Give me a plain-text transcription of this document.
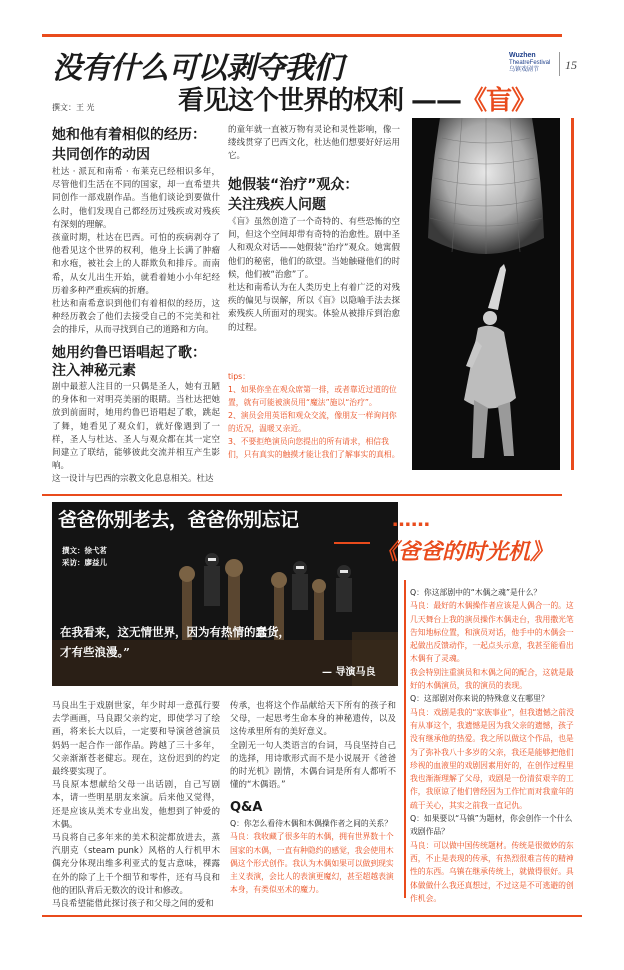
Wuzhen
TheatreFestival
乌镇戏剧节 15
没有什么可以剥夺我们
看见这个世界的权利 ——《盲》
撰文：王 光
她和他有着相似的经历：
共同创作的动因
杜达 · 派瓦和南希 · 布莱克已经相识多年，尽管他们生活在不同的国家，却一直希望共同创作一部戏剧作品。当他们谈论到要做什么时，他们发现自己都经历过残疾或对残疾有深刻的理解。
孩童时期，杜达在巴西。可怕的疾病剥夺了他看见这个世界的权利，他身上长满了肿瘤和水疱，被社会上的人群欺负和排斥。而南希，从女儿出生开始，就看着她小小年纪经历着多种严重疾病的折磨。
杜达和南希意识到他们有着相似的经历，这种经历教会了他们去接受自己的不完美和社会的排斥，从而寻找到自己的道路和方向。
她用约鲁巴语唱起了歌：
注入神秘元素
剧中最惹人注目的一只偶是圣人，她有丑陋的身体和一对明亮美丽的眼睛。当杜达把她放到前面时，她用约鲁巴语唱起了歌，跳起了舞，她看见了观众们，就好像遇到了一样，圣人与杜达、圣人与观众都在其一定空间建立了联结，能够彼此交流并相互产生影响。
这一设计与巴西的宗教文化息息相关。杜达
的童年就一直被万物有灵论和灵性影响，像一缕线贯穿了巴西文化，杜达他们想要好好运用它。
她假装“治疗”观众：
关注残疾人问题
《盲》虽然创造了一个奇特的、有些恐怖的空间，但这个空间却带有奇特的治愈性。剧中圣人和观众对话——她假装“治疗”观众。她寓假他们的秘密，他们的欲望。当她触碰他们的时候，他们被“治愈”了。
杜达和南希认为在人类历史上有着广泛的对残疾的偏见与误解，所以《盲》以隐喻手法去探索残疾人所面对的现实。体验从被排斥到治愈的过程。
tips：
1、如果你坐在观众席第一排，或者靠近过道的位置，就有可能被演员用“魔法”施以“治疗”。
2、演员会用英语和观众交流，像朋友一样询问你的近况，温暖又亲近。
3、不要拒绝演员向您提出的所有请求，相信我们，只有真实的触摸才能让我们了解事实的真相。
爸爸你别老去，爸爸你别忘记	……
《爸爸的时光机》
撰文：徐弋茗
采访：廖益儿
在我看来，这无情世界，因为有热情的蠢货，
才有些浪漫。”
— 导演马良
马良出生于戏剧世家，年少时却一意孤行要去学画画，马良跟父亲约定，即使学习了绘画，将来长大以后，一定要和导演爸爸演员妈妈一起合作一部作品。跨越了三十多年，父亲渐渐苍老健忘。现在，这份迟到的约定最终要实现了。
马良原本想献给父母一出话剧，自己写剧本，请一些明星朋友来演。后来他又觉得，还是应该从美术专业出发，他想到了钟爱的木偶。
马良将自己多年来的美术积淀都放进去，蒸汽朋克（steam punk）风格的人行机甲木偶充分体现出维多利亚式的复古意味，裸露在外的除了上千个细节和零件，还有马良和他的团队背后无数次的设计和修改。
马良希望能借此探讨孩子和父母之间的爱和
传承，也将这个作品献给天下所有的孩子和父母，一起思考生命本身的神秘遗传，以及这传承里所有的美好意义。
全剧无一句人类语言的台词，马良坚持自己的选择，用诗歌形式而不是小说展开《爸爸的时光机》剧情，木偶台词是所有人都听不懂的“木偶语。”
Q&A
Q：你怎么看待木偶和木偶操作者之间的关系？
马良：我收藏了很多年的木偶，拥有世界数十个国家的木偶，一直有种隐约的感觉，我会使用木偶这个形式创作。我认为木偶如果可以做到现实主义表演，会比人的表演更魔幻，甚至超越表演本身，有类似巫术的魔力。
Q：你这部剧中的“木偶之魂”是什么？
马良：最好的木偶操作者应该是人偶合一的。这几天舞台上我的演员操作木偶走台，我用撒光笔告知地标位置，和演员对话，他手中的木偶会一起做出反馈动作，一起点头示意，我甚至能看出木偶有了灵魂。
我会特别注重演员和木偶之间的配合，这就是最好的木偶演员，我的演员的表现。
Q：这部剧对你来说的特殊意义在哪里？
马良：戏剧是我的“家族事业”，但我遗憾之前没有从事这个，我遗憾是因为我父亲的遗憾，孩子没有继承他的热爱。我之所以做这个作品，也是为了弥补我八十多岁的父亲，我还是能够把他们珍视的血液里的戏剧因素用好的，在创作过程里我也渐渐理解了父母，戏剧是一份清贫艰辛的工作，我原谅了他们曾经因为工作忙而对我童年的疏于关心，其实之前我一直记仇。
Q：如果要以“马镇”为题材，你会创作一个什么戏剧作品？
马良：可以做中国传统题材。传统是很微妙的东西，不止是表现的传承，有热烈很难言传的精神性的东西。乌镇在继承传统上，就做得很好。具体做做什么我还真想过，不过这是不可逃避的创作机会。
